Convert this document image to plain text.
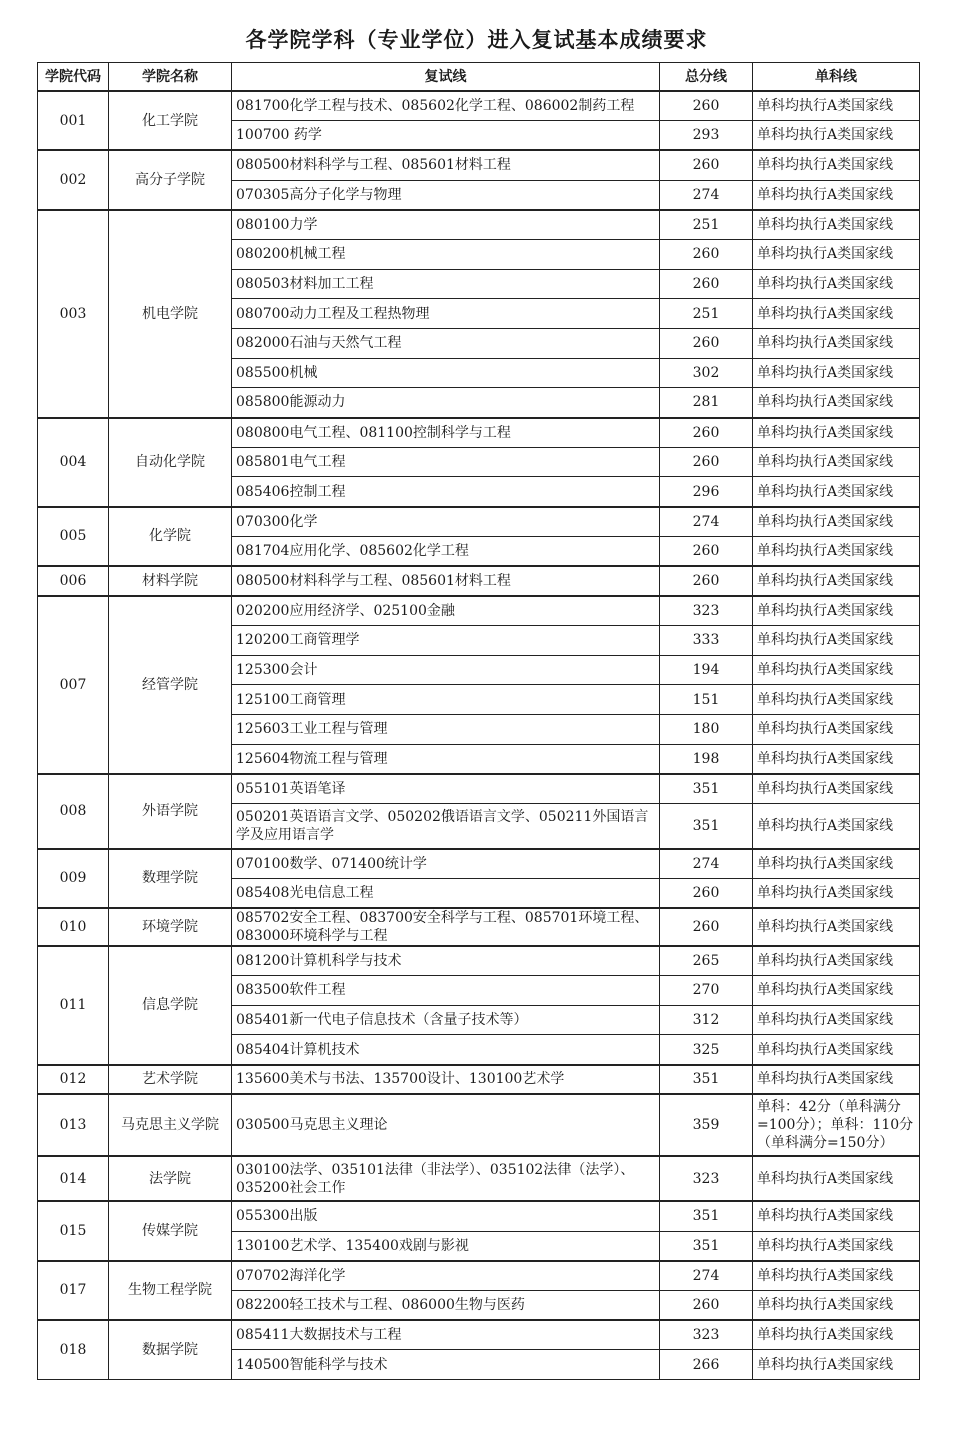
各学院学科（专业学位）进入复试基本成绩要求
学院代码	学院名称	复试线	总分线	单科线
001	化工学院	081700化学工程与技术、085602化学工程、086002制药工程	260	单科均执行A类国家线
		100700 药学	293	单科均执行A类国家线
002	高分子学院	080500材料科学与工程、085601材料工程	260	单科均执行A类国家线
		070305高分子化学与物理	274	单科均执行A类国家线
003	机电学院	080100力学	251	单科均执行A类国家线
		080200机械工程	260	单科均执行A类国家线
		080503材料加工工程	260	单科均执行A类国家线
		080700动力工程及工程热物理	251	单科均执行A类国家线
		082000石油与天然气工程	260	单科均执行A类国家线
		085500机械	302	单科均执行A类国家线
		085800能源动力	281	单科均执行A类国家线
004	自动化学院	080800电气工程、081100控制科学与工程	260	单科均执行A类国家线
		085801电气工程	260	单科均执行A类国家线
		085406控制工程	296	单科均执行A类国家线
005	化学院	070300化学	274	单科均执行A类国家线
		081704应用化学、085602化学工程	260	单科均执行A类国家线
006	材料学院	080500材料科学与工程、085601材料工程	260	单科均执行A类国家线
007	经管学院	020200应用经济学、025100金融	323	单科均执行A类国家线
		120200工商管理学	333	单科均执行A类国家线
		125300会计	194	单科均执行A类国家线
		125100工商管理	151	单科均执行A类国家线
		125603工业工程与管理	180	单科均执行A类国家线
		125604物流工程与管理	198	单科均执行A类国家线
008	外语学院	055101英语笔译	351	单科均执行A类国家线
		050201英语语言文学、050202俄语语言文学、050211外国语言学及应用语言学	351	单科均执行A类国家线
009	数理学院	070100数学、071400统计学	274	单科均执行A类国家线
		085408光电信息工程	260	单科均执行A类国家线
010	环境学院	085702安全工程、083700安全科学与工程、085701环境工程、083000环境科学与工程	260	单科均执行A类国家线
011	信息学院	081200计算机科学与技术	265	单科均执行A类国家线
		083500软件工程	270	单科均执行A类国家线
		085401新一代电子信息技术（含量子技术等）	312	单科均执行A类国家线
		085404计算机技术	325	单科均执行A类国家线
012	艺术学院	135600美术与书法、135700设计、130100艺术学	351	单科均执行A类国家线
013	马克思主义学院	030500马克思主义理论	359	单科：42分（单科满分=100分）；单科：110分（单科满分=150分）
014	法学院	030100法学、035101法律（非法学）、035102法律（法学）、035200社会工作	323	单科均执行A类国家线
015	传媒学院	055300出版	351	单科均执行A类国家线
		130100艺术学、135400戏剧与影视	351	单科均执行A类国家线
017	生物工程学院	070702海洋化学	274	单科均执行A类国家线
		082200轻工技术与工程、086000生物与医药	260	单科均执行A类国家线
018	数据学院	085411大数据技术与工程	323	单科均执行A类国家线
		140500智能科学与技术	266	单科均执行A类国家线
